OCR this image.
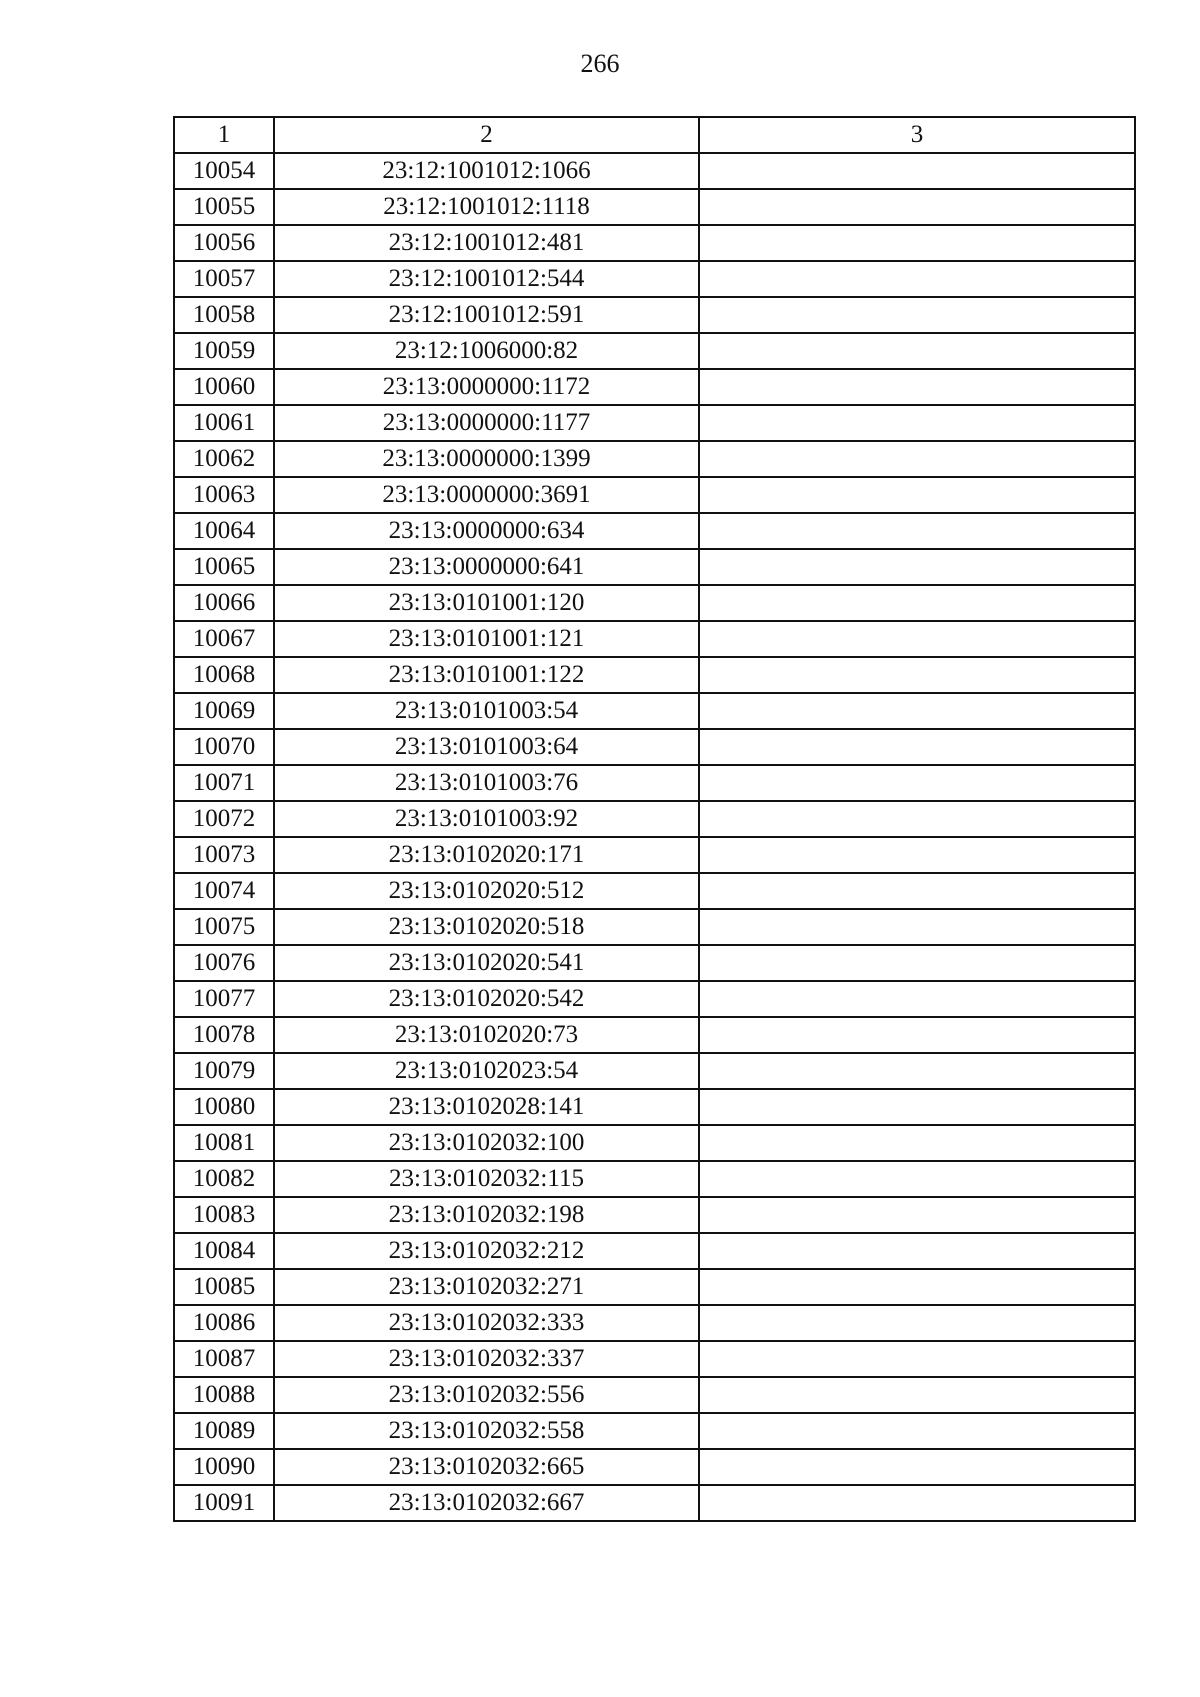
266
1	2	3
10054	23:12:1001012:1066	
10055	23:12:1001012:1118	
10056	23:12:1001012:481	
10057	23:12:1001012:544	
10058	23:12:1001012:591	
10059	23:12:1006000:82	
10060	23:13:0000000:1172	
10061	23:13:0000000:1177	
10062	23:13:0000000:1399	
10063	23:13:0000000:3691	
10064	23:13:0000000:634	
10065	23:13:0000000:641	
10066	23:13:0101001:120	
10067	23:13:0101001:121	
10068	23:13:0101001:122	
10069	23:13:0101003:54	
10070	23:13:0101003:64	
10071	23:13:0101003:76	
10072	23:13:0101003:92	
10073	23:13:0102020:171	
10074	23:13:0102020:512	
10075	23:13:0102020:518	
10076	23:13:0102020:541	
10077	23:13:0102020:542	
10078	23:13:0102020:73	
10079	23:13:0102023:54	
10080	23:13:0102028:141	
10081	23:13:0102032:100	
10082	23:13:0102032:115	
10083	23:13:0102032:198	
10084	23:13:0102032:212	
10085	23:13:0102032:271	
10086	23:13:0102032:333	
10087	23:13:0102032:337	
10088	23:13:0102032:556	
10089	23:13:0102032:558	
10090	23:13:0102032:665	
10091	23:13:0102032:667	
